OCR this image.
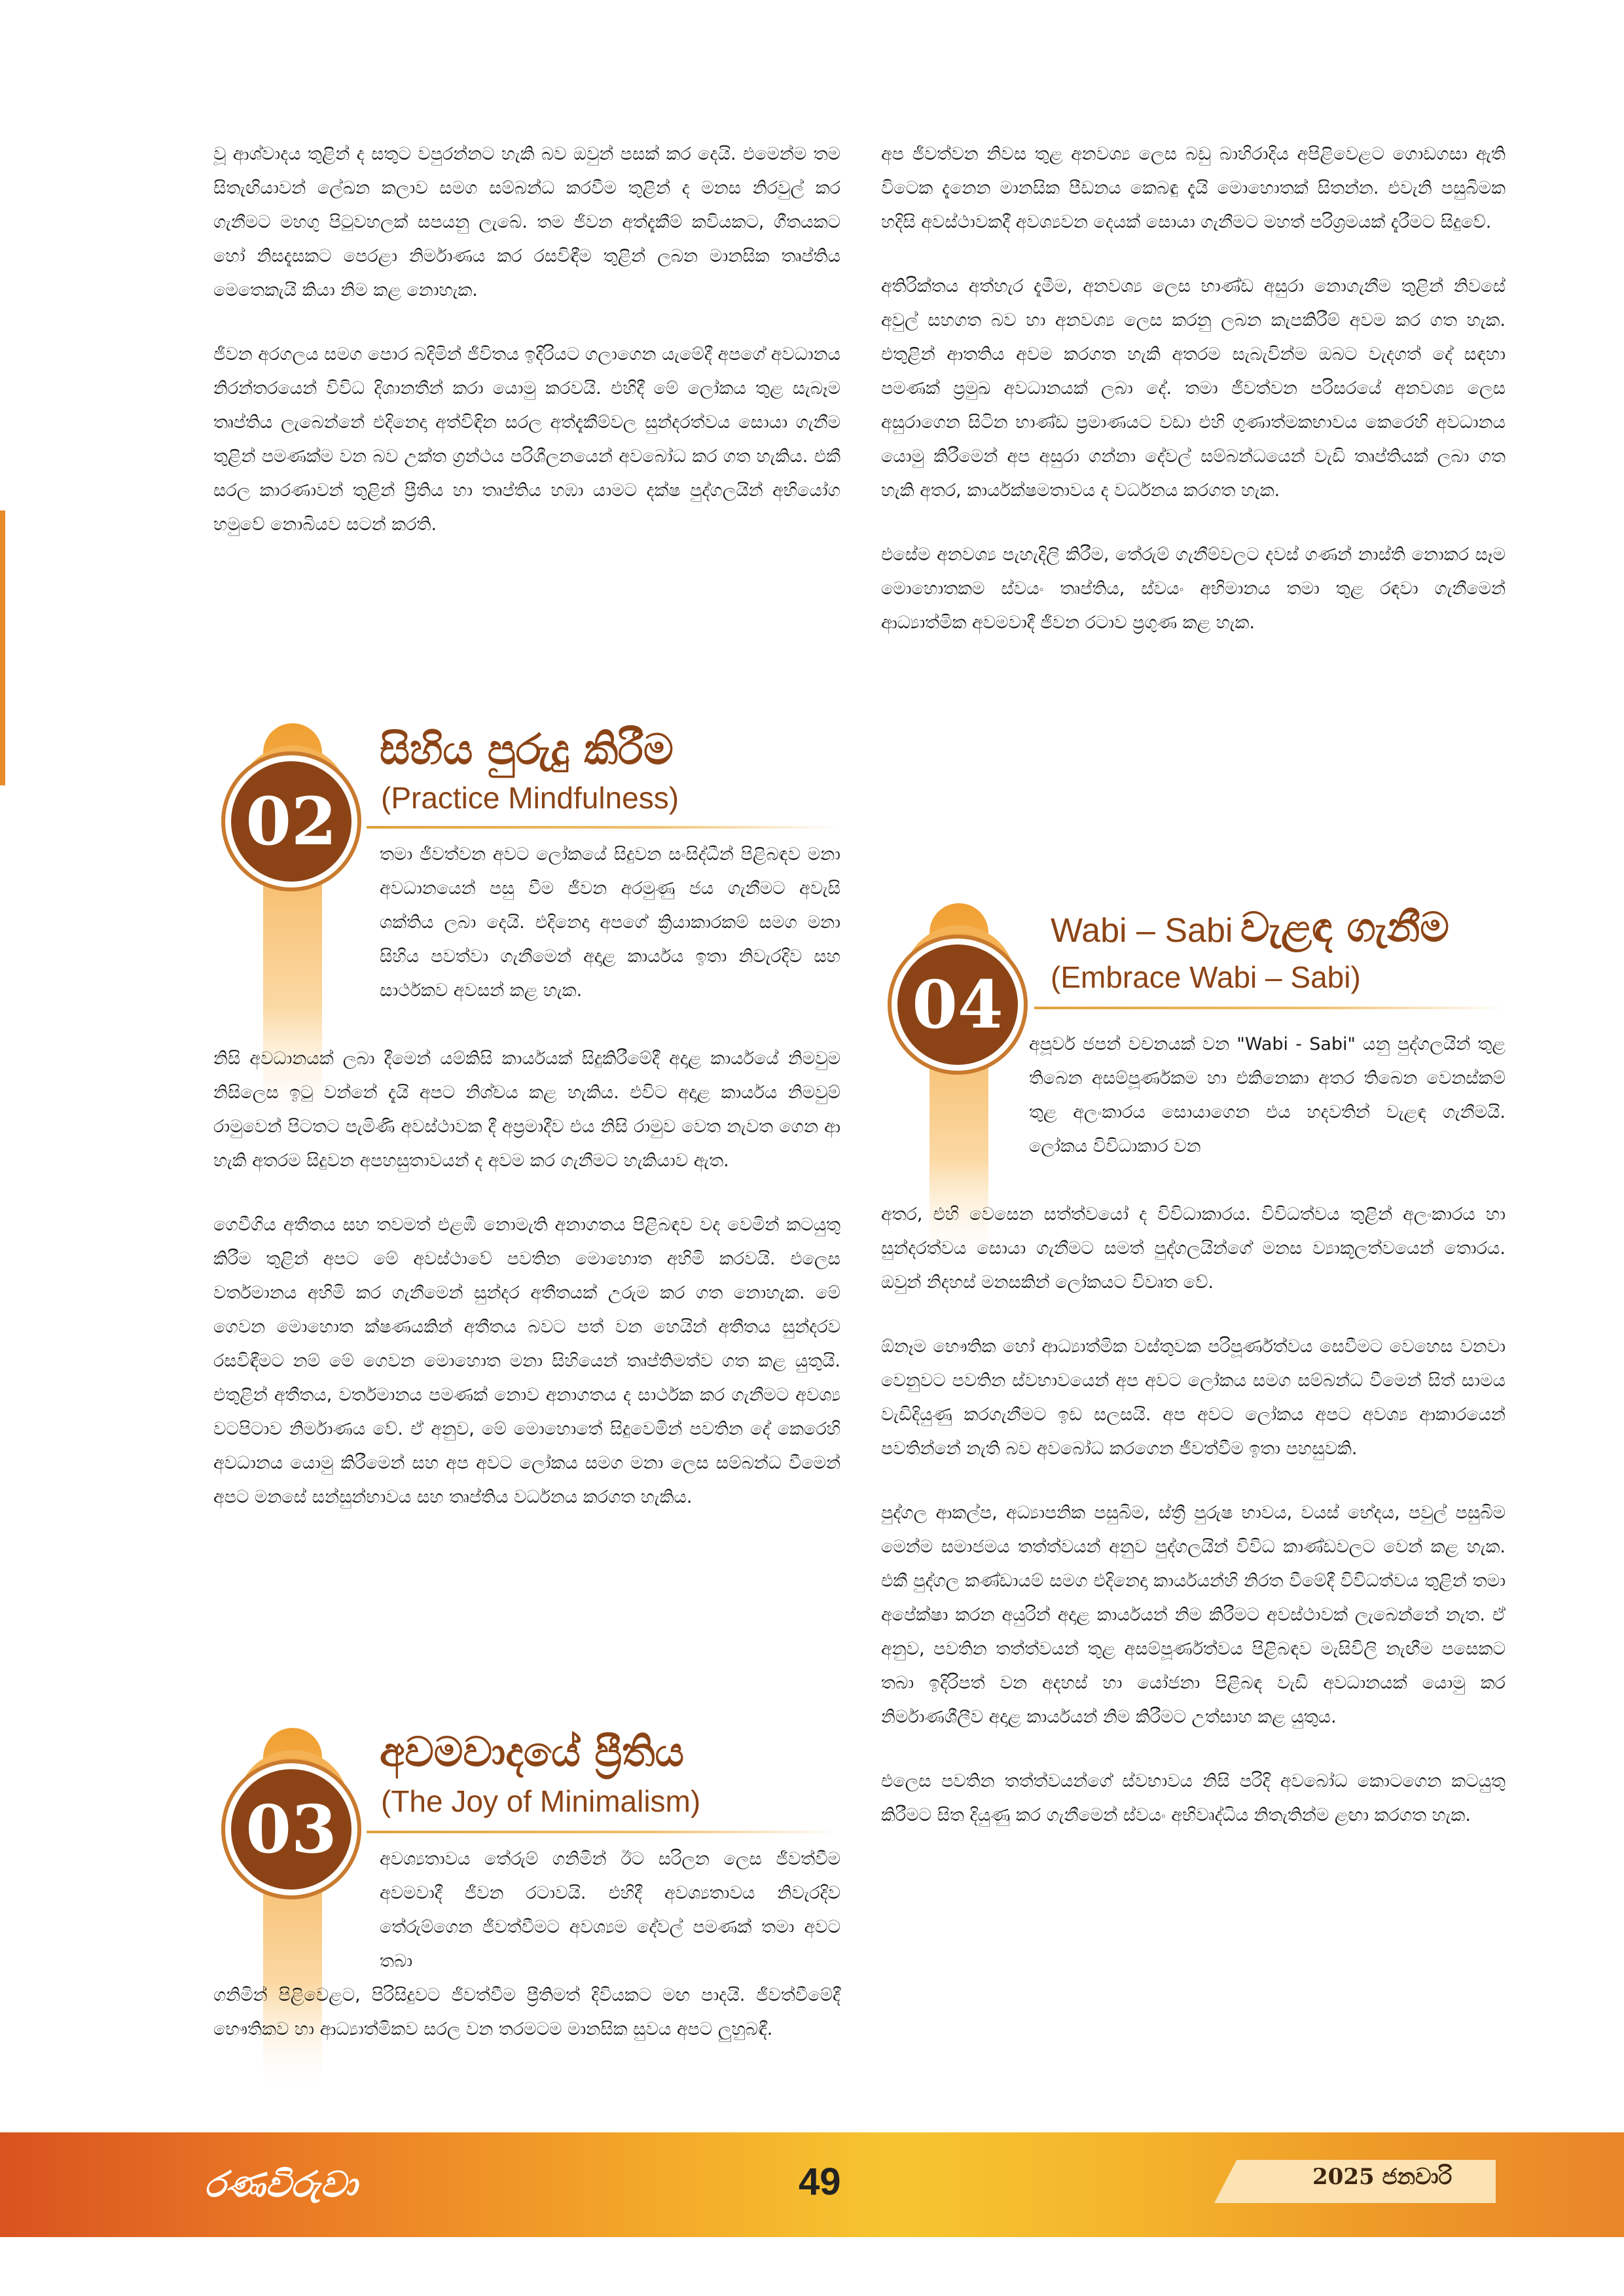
වූ ආශ්වාදය තුළින් ද සතුට වපුරන්නට හැකි බව ඔවුන් පසක් කර දෙයි. එමෙන්ම තම සිතැඟියාවන් ලේඛන කලාව සමග සම්බන්ධ කරවීම තුළින් ද මනස නිරවුල් කර ගැනීමට මහගු පිටුවහලක් සපයනු ලැබේ. තම ජීවන අත්දැකීම් කවියකට, ගීතයකට හෝ නිසදැසකට පෙරළා නිර්මාණය කර රසවිඳීම තුළින් ලබන මානසික තෘප්තිය මෙතෙකැයි කියා නිම කළ නොහැක.

ජීවන අරගලය සමග පොර බදිමින් ජීවිතය ඉදිරියට ගලාගෙන යැමේදී අපගේ අවධානය නිරන්තරයෙන් විවිධ දිශානතීන් කරා යොමු කරවයි. එහිදී මේ ලෝකය තුළ සැබෑම තෘප්තිය ලැබෙන්නේ එදිනෙදා අත්විඳින සරල අත්දැකීම්වල සුන්දරත්වය සොයා ගැනීම තුළින් පමණක්ම වන බව උක්ත ග්‍රන්ථය පරිශීලනයෙන් අවබෝධ කර ගත හැකිය. එකී සරල කාරණාවන් තුළින් ප්‍රීතිය හා තෘප්තිය හඹා යාමට දක්ෂ පුද්ගලයින් අභියෝග හමුවේ නොබියව සටන් කරති.

02
සිහිය පුරුදු කිරීම
(Practice Mindfulness)

තමා ජීවත්වන අවට ලෝකයේ සිදුවන සංසිද්ධීන් පිළිබඳව මනා අවධානයෙන් පසු වීම ජීවන අරමුණු ජය ගැනීමට අවැසි ශක්තිය ලබා දෙයි. එදිනෙදා අපගේ ක්‍රියාකාරකම් සමග මනා සිහිය පවත්වා ගැනීමෙන් අදාළ කාර්යය ඉතා නිවැරදිව සහ සාර්ථකව අවසන් කළ හැක.

නිසි අවධානයක් ලබා දීමෙන් යම්කිසි කාර්යයක් සිදුකිරීමේදී අදාළ කාර්යයේ නිමවුම නිසිලෙස ඉටු වන්නේ දැයි අපට නිශ්චය කළ හැකිය. එවිට අදාළ කාර්යය නිමවුම් රාමුවෙන් පිටතට පැමිණි අවස්ථාවක දී අප්‍රමාදීව එය නිසි රාමුව වෙත නැවත ගෙන ආ හැකි අතරම සිදුවන අපහසුතාවයන් ද අවම කර ගැනීමට හැකියාව ඇත.

ගෙවීගිය අතීතය සහ තවමත් එළඹී නොමැති අනාගතය පිළිබඳව වද වෙමින් කටයුතු කිරීම තුළින් අපට මේ අවස්ථාවේ පවතින මොහොත අහිමි කරවයි. එලෙස වර්තමානය අහිමි කර ගැනීමෙන් සුන්දර අතීතයක් උරුම කර ගත නොහැක. මේ ගෙවන මොහොත ක්ෂණයකින් අතීතය බවට පත් වන හෙයින් අතීතය සුන්දරව රසවිඳීමට නම් මේ ගෙවන මොහොත මනා සිහියෙන් තෘප්තිමත්ව ගත කළ යුතුයි. එතුළින් අතීතය, වර්තමානය පමණක් නොව අනාගතය ද සාර්ථක කර ගැනීමට අවශ්‍ය වටපිටාව නිර්මාණය වේ. ඒ අනුව, මේ මොහොතේ සිදුවෙමින් පවතින දේ කෙරෙහි අවධානය යොමු කිරීමෙන් සහ අප අවට ලෝකය සමග මනා ලෙස සම්බන්ධ වීමෙන් අපට මනසේ සන්සුන්භාවය සහ තෘප්තිය වර්ධනය කරගත හැකිය.

03
අවමවාදයේ ප්‍රීතිය
(The Joy of Minimalism)

අවශ්‍යතාවය තේරුම් ගනිමින් ඊට සරිලන ලෙස ජීවත්වීම අවමවාදී ජීවන රටාවයි. එහිදී අවශ්‍යතාවය නිවැරදිව තේරුම්ගෙන ජීවත්වීමට අවශ්‍යම දේවල් පමණක් තමා අවට තබා

ගනිමින් පිළිවෙළට, පිරිසිදුවට ජීවත්වීම ප්‍රීතිමත් දිවියකට මඟ පාදයි. ජීවත්වීමේදී භෞතිකව හා ආධ්‍යාත්මිකව සරල වන තරමටම මානසික සුවය අපට ලුහුබඳී.

අප ජීවත්වන නිවස තුළ අනවශ්‍ය ලෙස බඩු බාහිරාදිය අපිළිවෙළට ගොඩගසා ඇති විටෙක දැනෙන මානසික පීඩනය කෙබඳු දැයි මොහොතක් සිතන්න. එවැනි පසුබිමක හදිසි අවස්ථාවකදී අවශ්‍යවන දෙයක් සොයා ගැනීමට මහත් පරිශ්‍රමයක් දැරීමට සිදුවේ.

අතිරික්තය අත්හැර දැමීම, අනවශ්‍ය ලෙස භාණ්ඩ අසුරා නොගැනීම තුළින් නිවසේ අවුල් සහගත බව හා අනවශ්‍ය ලෙස කරනු ලබන කැපකිරීම් අවම කර ගත හැක. එතුළින් ආතතිය අවම කරගත හැකි අතරම සැබැවින්ම ඔබට වැදගත් දේ සඳහා පමණක් ප්‍රමුඛ අවධානයක් ලබා දේ. තමා ජීවත්වන පරිසරයේ අනවශ්‍ය ලෙස අසුරාගෙන සිටින භාණ්ඩ ප්‍රමාණයට වඩා එහි ගුණාත්මකභාවය කෙරෙහි අවධානය යොමු කිරීමෙන් අප අසුරා ගන්නා දේවල් සම්බන්ධයෙන් වැඩි තෘප්තියක් ලබා ගත හැකි අතර, කාර්යක්ෂමතාවය ද වර්ධනය කරගත හැක.

එසේම අනවශ්‍ය පැහැදිලි කිරීම, තේරුම් ගැනීම්වලට දවස් ගණන් නාස්ති නොකර සෑම මොහොතකම ස්වයං තෘප්තිය, ස්වයං අභිමානය තමා තුළ රඳවා ගැනීමෙන් ආධ්‍යාත්මික අවමවාදී ජීවන රටාව ප්‍රගුණ කළ හැක.

04
Wabi – Sabi වැළඳ ගැනීම
(Embrace Wabi – Sabi)

අපූර්ව ජපන් වචනයක් වන "Wabi - Sabi" යනු පුද්ගලයින් තුළ තිබෙන අසම්පූර්ණකම හා එකිනෙකා අතර තිබෙන වෙනස්කම් තුළ අලංකාරය සොයාගෙන එය හදවතින් වැළඳ ගැනීමයි. ලෝකය විවිධාකාර වන

අතර, එහි වෙසෙන සත්ත්වයෝ ද විවිධාකාරය. විවිධත්වය තුළින් අලංකාරය හා සුන්දරත්වය සොයා ගැනීමට සමත් පුද්ගලයින්ගේ මනස ව්‍යාකූලත්වයෙන් තොරය. ඔවුන් නිදහස් මනසකින් ලෝකයට විවෘත වේ.

ඕනෑම භෞතික හෝ ආධ්‍යාත්මික වස්තුවක පරිපූර්ණත්වය සෙවීමට වෙහෙස වනවා වෙනුවට පවතින ස්වභාවයෙන් අප අවට ලෝකය සමග සම්බන්ධ වීමෙන් සිත් සාමය වැඩිදියුණු කරගැනීමට ඉඩ සලසයි. අප අවට ලෝකය අපට අවශ්‍ය ආකාරයෙන් පවතින්නේ නැති බව අවබෝධ කරගෙන ජීවත්වීම ඉතා පහසුවකි.

පුද්ගල ආකල්ප, අධ්‍යාපනික පසුබිම, ස්ත්‍රී පුරුෂ භාවය, වයස් භේදය, පවුල් පසුබිම මෙන්ම සමාජමය තත්ත්වයන් අනුව පුද්ගලයින් විවිධ කාණ්ඩවලට වෙන් කළ හැක. එකී පුද්ගල කණ්ඩායම් සමග එදිනෙදා කාර්යයන්හි නිරත වීමේදී විවිධත්වය තුළින් තමා අපේක්ෂා කරන අයුරින් අදාළ කාර්යයන් නිම කිරීමට අවස්ථාවක් ලැබෙන්නේ නැත. ඒ අනුව, පවතින තත්ත්වයන් තුළ අසම්පූර්ණත්වය පිළිබඳව මැසිවිලි නැඟීම පසෙකට තබා ඉදිරිපත් වන අදහස් හා යෝජනා පිළිබඳ වැඩි අවධානයක් යොමු කර නිර්මාණශීලීව අදාළ කාර්යයන් නිම කිරීමට උත්සාහ කළ යුතුය.

එලෙස පවතින තත්ත්වයන්ගේ ස්වභාවය නිසි පරිදි අවබෝධ කොටගෙන කටයුතු කිරීමට සිත දියුණු කර ගැනීමෙන් ස්වයං අභිවෘද්ධිය නිතැතින්ම ළඟා කරගත හැක.

රණවිරුවා	49	2025 ජනවාරි
